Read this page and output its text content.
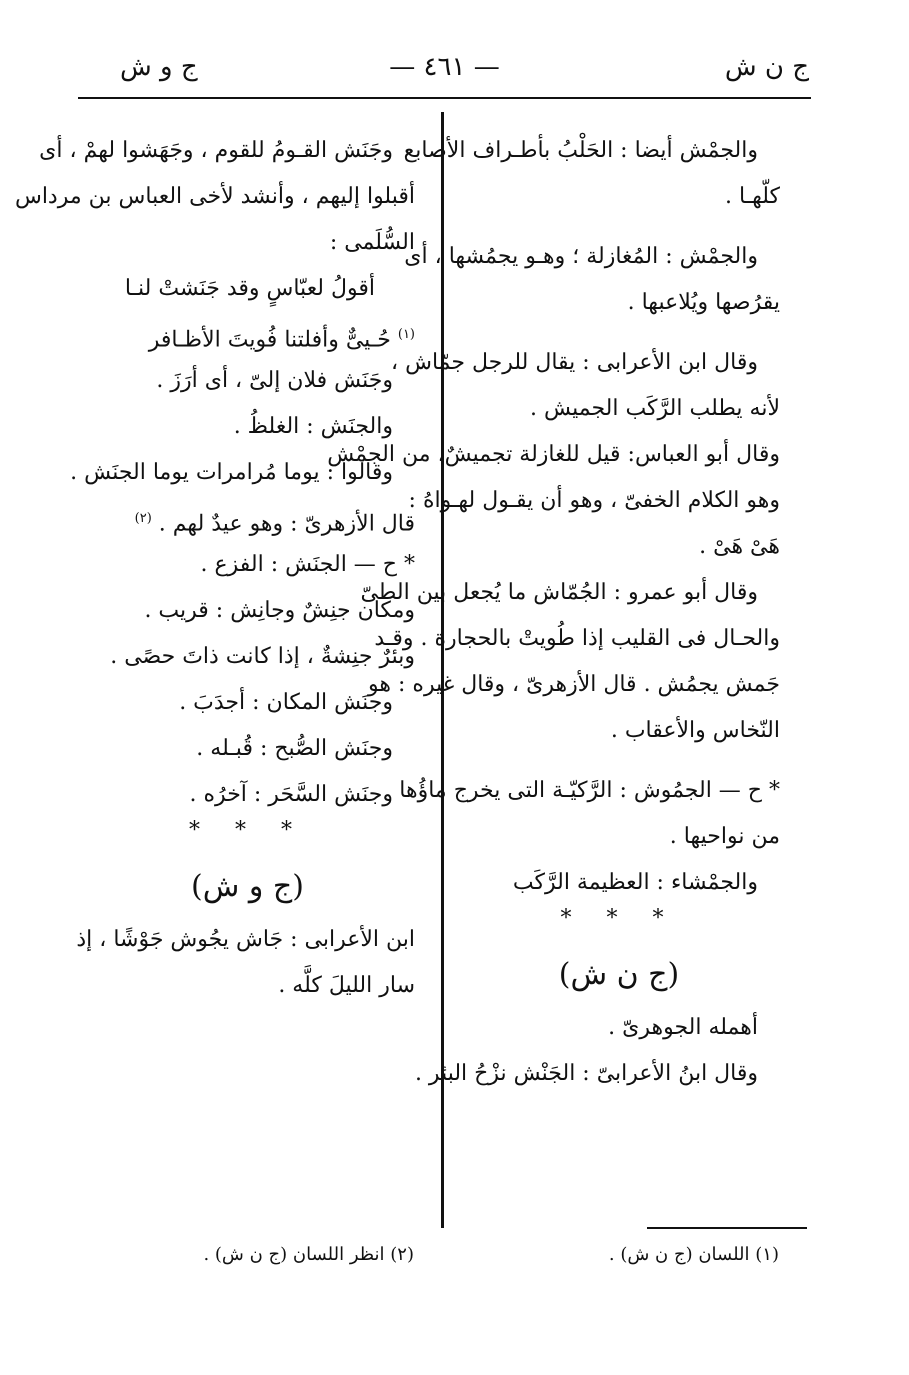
ج ن ش
— ٤٦١ —
ج و ش
والجمْش أيضا : الحَلْبُ بأطـراف الأصابع
كلّهـا .
والجمْش : المُغازلة ؛ وهـو يجمُشها ، أى
يقرُصها ويُلاعبها .
وقال ابن الأعرابى : يقال للرجل جمّاش ،
لأنه يطلب الرَّكَب الجميش .
وقال أبو العباس: قيل للغازلة تجميشٌ، من الجمْش
وهو الكلام الخفىّ ، وهو أن يقـول لهـواهُ :
هَىْ هَىْ .
وقال أبو عمرو : الجُمّاش ما يُجعل بين الطىّ
والحـال فى القليب إذا طُويتْ بالحجارة . وقـد
جَمش يجمُش . قال الأزهرىّ ، وقال غيره : هو
النّخاس والأعقاب .
* ح — الجمُوش : الرَّكيّـة التى يخرج ماؤُها
من نواحيها .
والجمْشاء : العظيمة الرَّكَب
* * *
(ج ن ش)
أهمله الجوهرىّ .
وقال ابنُ الأعرابىّ : الجَنْش نزْحُ البئر .
وجَنَش القـومُ للقوم ، وجَهَشوا لهمْ ، أى
أقبلوا إليهم ، وأنشد لأخى العباس بن مرداس
السُّلَمى :
أقولُ لعبّاسٍ وقد جَنَشتْ لنـا
$^{(١)}$ حُـيىٌّ وأفلتنا فُويتَ الأظـافر
وجَنَش فلان إلىّ ، أى أرَزَ .
والجنَش : الغلظُ .
وقالوا : يوما مُرامرات يوما الجنَش .
قال الأزهرىّ : وهو عيدٌ لهم . $^{(٢)}$
* ح — الجنَش : الفزع .
ومكان جنِشٌ وجانِش : قريب .
وبئرٌ جنِشةٌ ، إذا كانت ذاتَ حصًى .
وجنَش المكان : أجدَبَ .
وجنَش الصُّبح : قُبـله .
وجنَش السَّحَر : آخرُه .
* * *
(ج و ش)
ابن الأعرابى : جَاش يجُوش جَوْشًا ، إذ
سار الليلَ كلَّه .
(١) اللسان (ج ن ش) .
(٢) انظر اللسان (ج ن ش) .
